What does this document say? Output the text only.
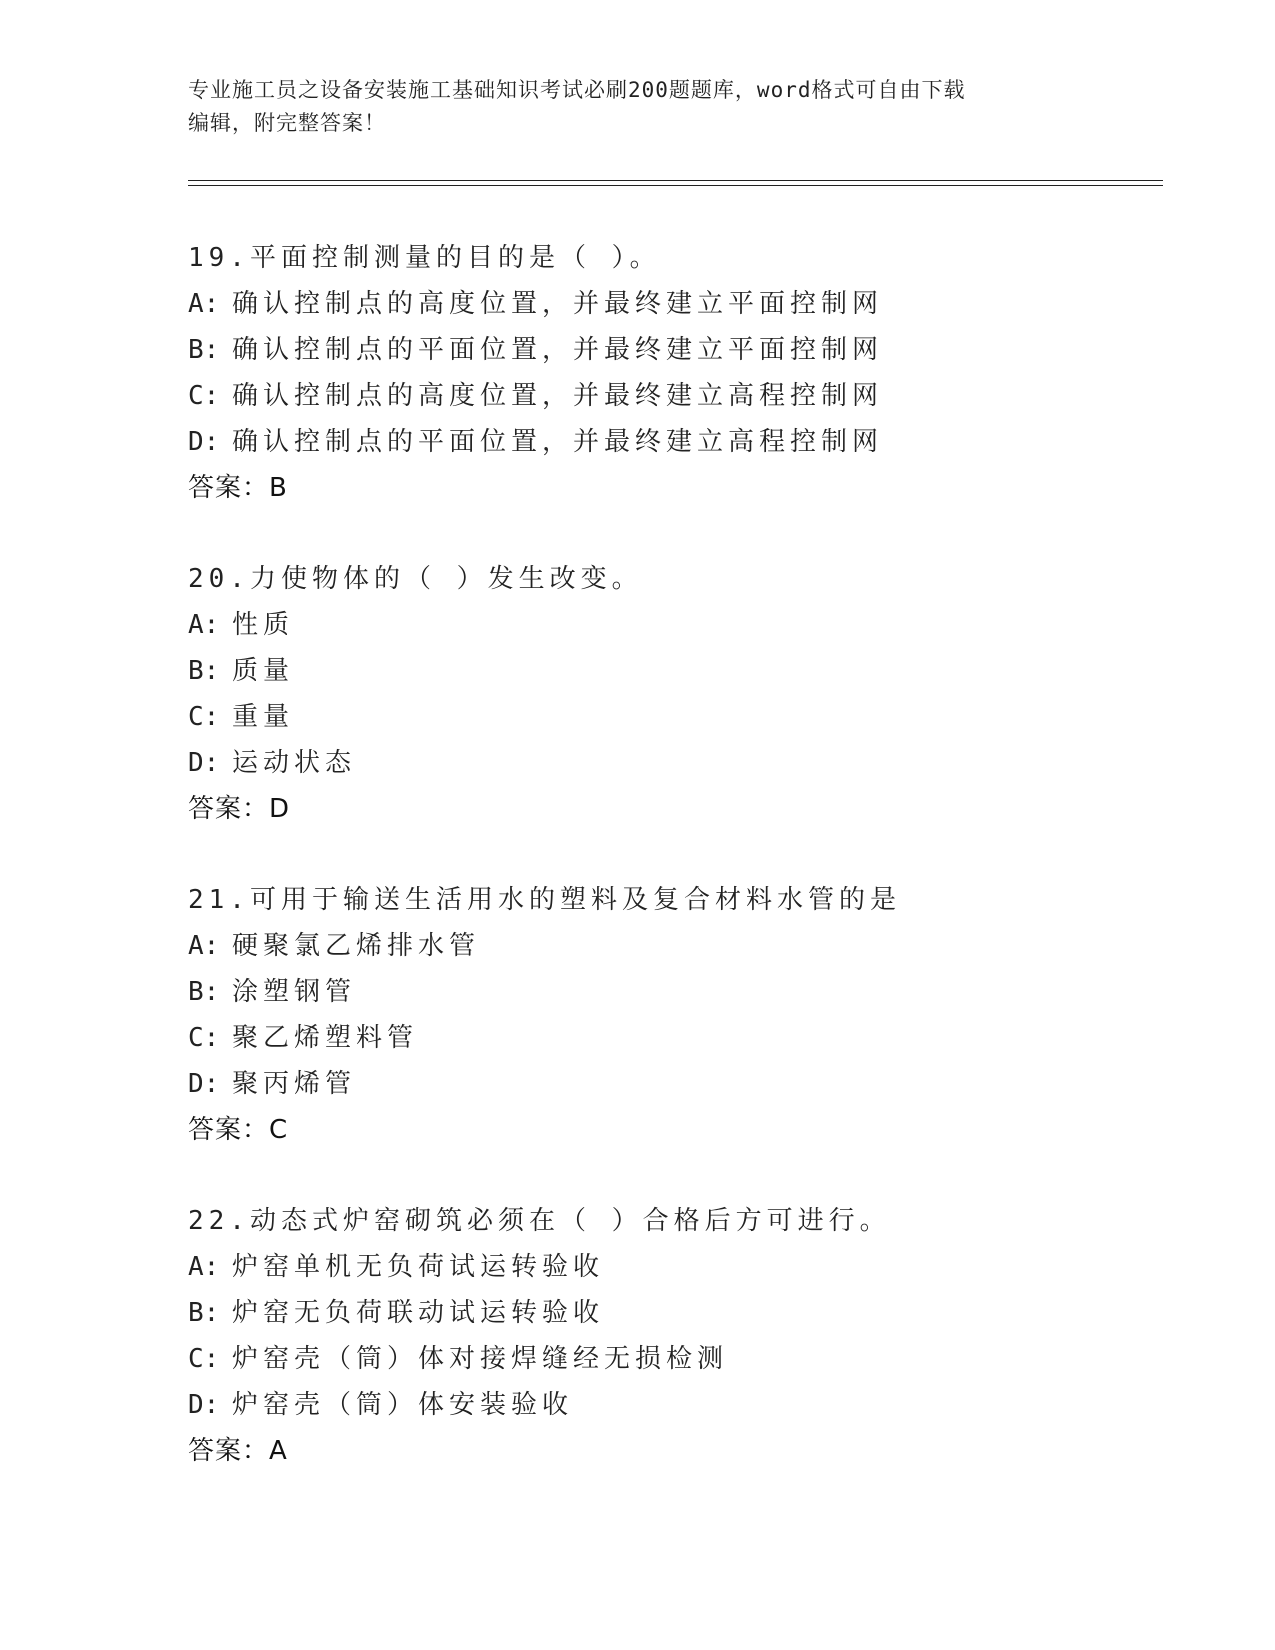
专业施工员之设备安装施工基础知识考试必刷200题题库，word格式可自由下载
编辑，附完整答案！
19.平面控制测量的目的是（ ）。
A: 确认控制点的高度位置，并最终建立平面控制网
B: 确认控制点的平面位置，并最终建立平面控制网
C: 确认控制点的高度位置，并最终建立高程控制网
D: 确认控制点的平面位置，并最终建立高程控制网
答案：B
20.力使物体的（ ）发生改变。
A: 性质
B: 质量
C: 重量
D: 运动状态
答案：D
21.可用于输送生活用水的塑料及复合材料水管的是
A: 硬聚氯乙烯排水管
B: 涂塑钢管
C: 聚乙烯塑料管
D: 聚丙烯管
答案：C
22.动态式炉窑砌筑必须在（ ）合格后方可进行。
A: 炉窑单机无负荷试运转验收
B: 炉窑无负荷联动试运转验收
C: 炉窑壳（筒）体对接焊缝经无损检测
D: 炉窑壳（筒）体安装验收
答案：A
